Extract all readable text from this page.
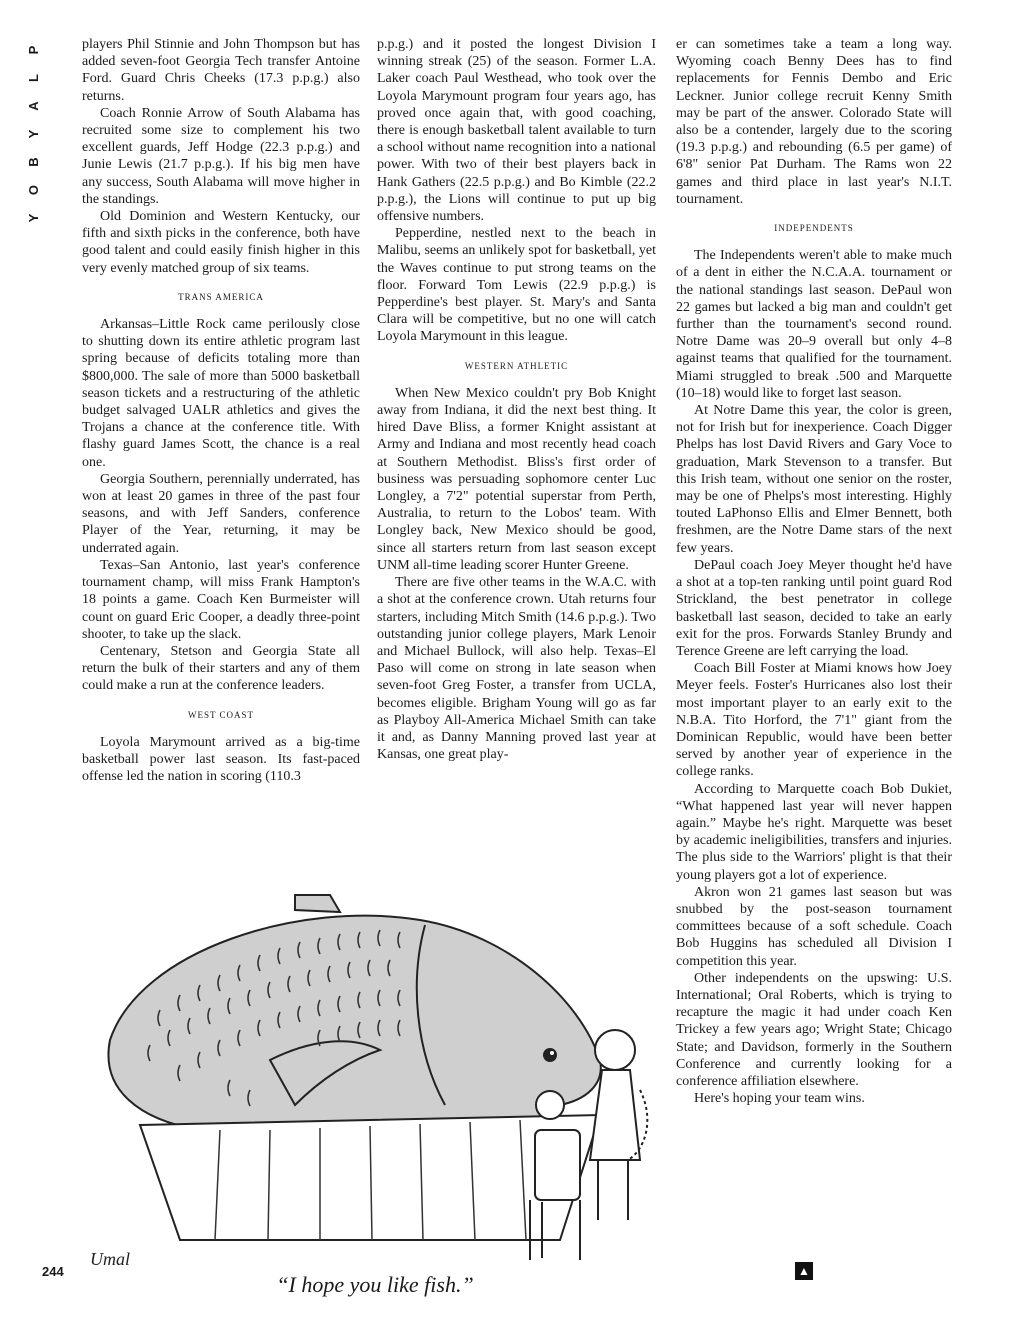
P
L
A
Y
B
O
Y

players Phil Stinnie and John Thompson but has added seven-foot Georgia Tech transfer Antoine Ford. Guard Chris Cheeks (17.3 p.p.g.) also returns.

Coach Ronnie Arrow of South Alabama has recruited some size to complement his two excellent guards, Jeff Hodge (22.3 p.p.g.) and Junie Lewis (21.7 p.p.g.). If his big men have any success, South Alabama will move higher in the standings.

Old Dominion and Western Kentucky, our fifth and sixth picks in the conference, both have good talent and could easily finish higher in this very evenly matched group of six teams.

TRANS AMERICA

Arkansas–Little Rock came perilously close to shutting down its entire athletic program last spring because of deficits totaling more than $800,000. The sale of more than 5000 basketball season tickets and a restructuring of the athletic budget salvaged UALR athletics and gives the Trojans a chance at the conference title. With flashy guard James Scott, the chance is a real one.

Georgia Southern, perennially underrated, has won at least 20 games in three of the past four seasons, and with Jeff Sanders, conference Player of the Year, returning, it may be underrated again.

Texas–San Antonio, last year's conference tournament champ, will miss Frank Hampton's 18 points a game. Coach Ken Burmeister will count on guard Eric Cooper, a deadly three-point shooter, to take up the slack.

Centenary, Stetson and Georgia State all return the bulk of their starters and any of them could make a run at the conference leaders.

WEST COAST

Loyola Marymount arrived as a big-time basketball power last season. Its fast-paced offense led the nation in scoring (110.3

p.p.g.) and it posted the longest Division I winning streak (25) of the season. Former L.A. Laker coach Paul Westhead, who took over the Loyola Marymount program four years ago, has proved once again that, with good coaching, there is enough basketball talent available to turn a school without name recognition into a national power. With two of their best players back in Hank Gathers (22.5 p.p.g.) and Bo Kimble (22.2 p.p.g.), the Lions will continue to put up big offensive numbers.

Pepperdine, nestled next to the beach in Malibu, seems an unlikely spot for basketball, yet the Waves continue to put strong teams on the floor. Forward Tom Lewis (22.9 p.p.g.) is Pepperdine's best player. St. Mary's and Santa Clara will be competitive, but no one will catch Loyola Marymount in this league.

WESTERN ATHLETIC

When New Mexico couldn't pry Bob Knight away from Indiana, it did the next best thing. It hired Dave Bliss, a former Knight assistant at Army and Indiana and most recently head coach at Southern Methodist. Bliss's first order of business was persuading sophomore center Luc Longley, a 7'2" potential superstar from Perth, Australia, to return to the Lobos' team. With Longley back, New Mexico should be good, since all starters return from last season except UNM all-time leading scorer Hunter Greene.

There are five other teams in the W.A.C. with a shot at the conference crown. Utah returns four starters, including Mitch Smith (14.6 p.p.g.). Two outstanding junior college players, Mark Lenoir and Michael Bullock, will also help. Texas–El Paso will come on strong in late season when seven-foot Greg Foster, a transfer from UCLA, becomes eligible. Brigham Young will go as far as Playboy All-America Michael Smith can take it and, as Danny Manning proved last year at Kansas, one great play-

er can sometimes take a team a long way. Wyoming coach Benny Dees has to find replacements for Fennis Dembo and Eric Leckner. Junior college recruit Kenny Smith may be part of the answer. Colorado State will also be a contender, largely due to the scoring (19.3 p.p.g.) and rebounding (6.5 per game) of 6'8" senior Pat Durham. The Rams won 22 games and third place in last year's N.I.T. tournament.

INDEPENDENTS

The Independents weren't able to make much of a dent in either the N.C.A.A. tournament or the national standings last season. DePaul won 22 games but lacked a big man and couldn't get further than the tournament's second round. Notre Dame was 20–9 overall but only 4–8 against teams that qualified for the tournament. Miami struggled to break .500 and Marquette (10–18) would like to forget last season.

At Notre Dame this year, the color is green, not for Irish but for inexperience. Coach Digger Phelps has lost David Rivers and Gary Voce to graduation, Mark Stevenson to a transfer. But this Irish team, without one senior on the roster, may be one of Phelps's most interesting. Highly touted LaPhonso Ellis and Elmer Bennett, both freshmen, are the Notre Dame stars of the next few years.

DePaul coach Joey Meyer thought he'd have a shot at a top-ten ranking until point guard Rod Strickland, the best penetrator in college basketball last season, decided to take an early exit for the pros. Forwards Stanley Brundy and Terence Greene are left carrying the load.

Coach Bill Foster at Miami knows how Joey Meyer feels. Foster's Hurricanes also lost their most important player to an early exit to the N.B.A. Tito Horford, the 7'1" giant from the Dominican Republic, would have been better served by another year of experience in the college ranks.

According to Marquette coach Bob Dukiet, “What happened last year will never happen again.” Maybe he's right. Marquette was beset by academic ineligibilities, transfers and injuries. The plus side to the Warriors' plight is that their young players got a lot of experience.

Akron won 21 games last season but was snubbed by the post-season tournament committees because of a soft schedule. Coach Bob Huggins has scheduled all Division I competition this year.

Other independents on the upswing: U.S. International; Oral Roberts, which is trying to recapture the magic it had under coach Ken Trickey a few years ago; Wright State; Chicago State; and Davidson, formerly in the Southern Conference and currently looking for a conference affiliation elsewhere.

Here's hoping your team wins.

Umal
“I hope you like fish.”
244	▲
